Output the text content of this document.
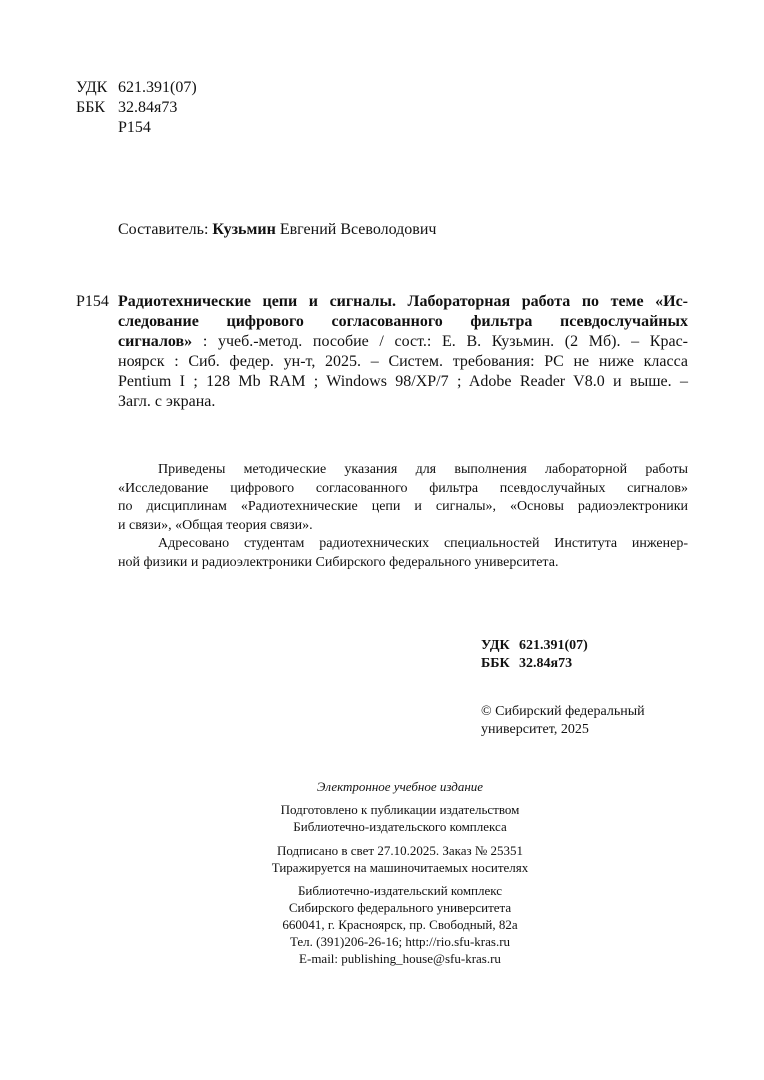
УДК 621.391(07)
ББК 32.84я73
Р154
Составитель: Кузьмин Евгений Всеволодович
Р154 Радиотехнические цепи и сигналы. Лабораторная работа по теме «Ис-
следование цифрового согласованного фильтра псевдослучайных
сигналов» : учеб.-метод. пособие / сост.: Е. В. Кузьмин. (2 Мб). – Крас-
ноярск : Сиб. федер. ун-т, 2025. – Систем. требования: PC не ниже класса
Pentium I ; 128 Mb RAM ; Windows 98/XP/7 ; Adobe Reader V8.0 и выше. –
Загл. с экрана.
Приведены методические указания для выполнения лабораторной работы
«Исследование цифрового согласованного фильтра псевдослучайных сигналов»
по дисциплинам «Радиотехнические цепи и сигналы», «Основы радиоэлектроники
и связи», «Общая теория связи».
Адресовано студентам радиотехнических специальностей Института инженер-
ной физики и радиоэлектроники Сибирского федерального университета.
УДК 621.391(07)
ББК 32.84я73
© Сибирский федеральный
университет, 2025
Электронное учебное издание
Подготовлено к публикации издательством
Библиотечно-издательского комплекса
Подписано в свет 27.10.2025. Заказ № 25351
Тиражируется на машиночитаемых носителях
Библиотечно-издательский комплекс
Сибирского федерального университета
660041, г. Красноярск, пр. Свободный, 82а
Тел. (391)206-26-16; http://rio.sfu-kras.ru
E-mail: publishing_house@sfu-kras.ru
